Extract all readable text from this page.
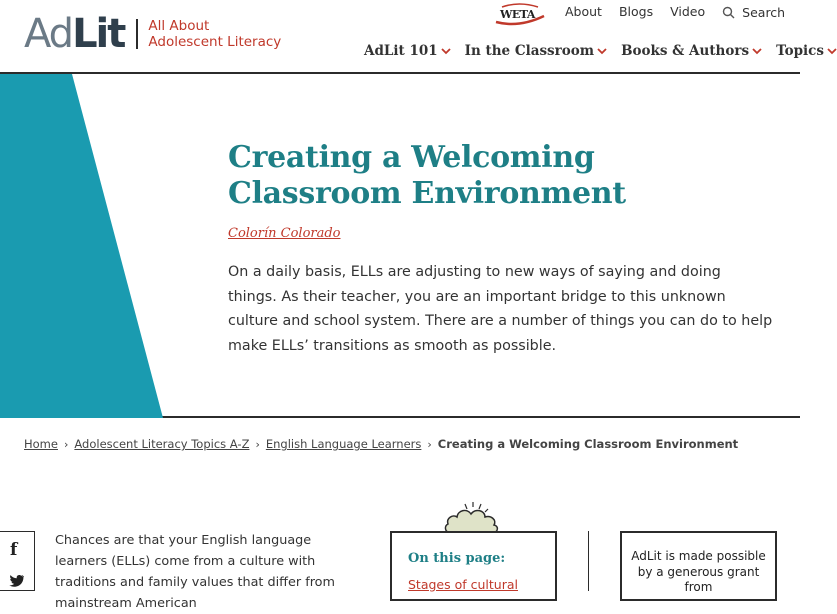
Ad Lit All About
Adolescent Literacy
WETA About Blogs Video	Search
AdLit 101 In the Classroom Books & Authors Topics
Creating a Welcoming Classroom Environment
Colorín Colorado

On a daily basis, ELLs are adjusting to new ways of saying and doing things. As their teacher, you are an important bridge to this unknown culture and school system. There are a number of things you can do to help make ELLs’ transitions as smooth as possible.

Home › Adolescent Literacy Topics A-Z › English Language Learners › Creating a Welcoming Classroom Environment
f	Chances are that your English language learners (ELLs) come from a culture with traditions and family values that differ from mainstream American

On this page:
Stages of cultural

AdLit is made possible by a generous grant from
